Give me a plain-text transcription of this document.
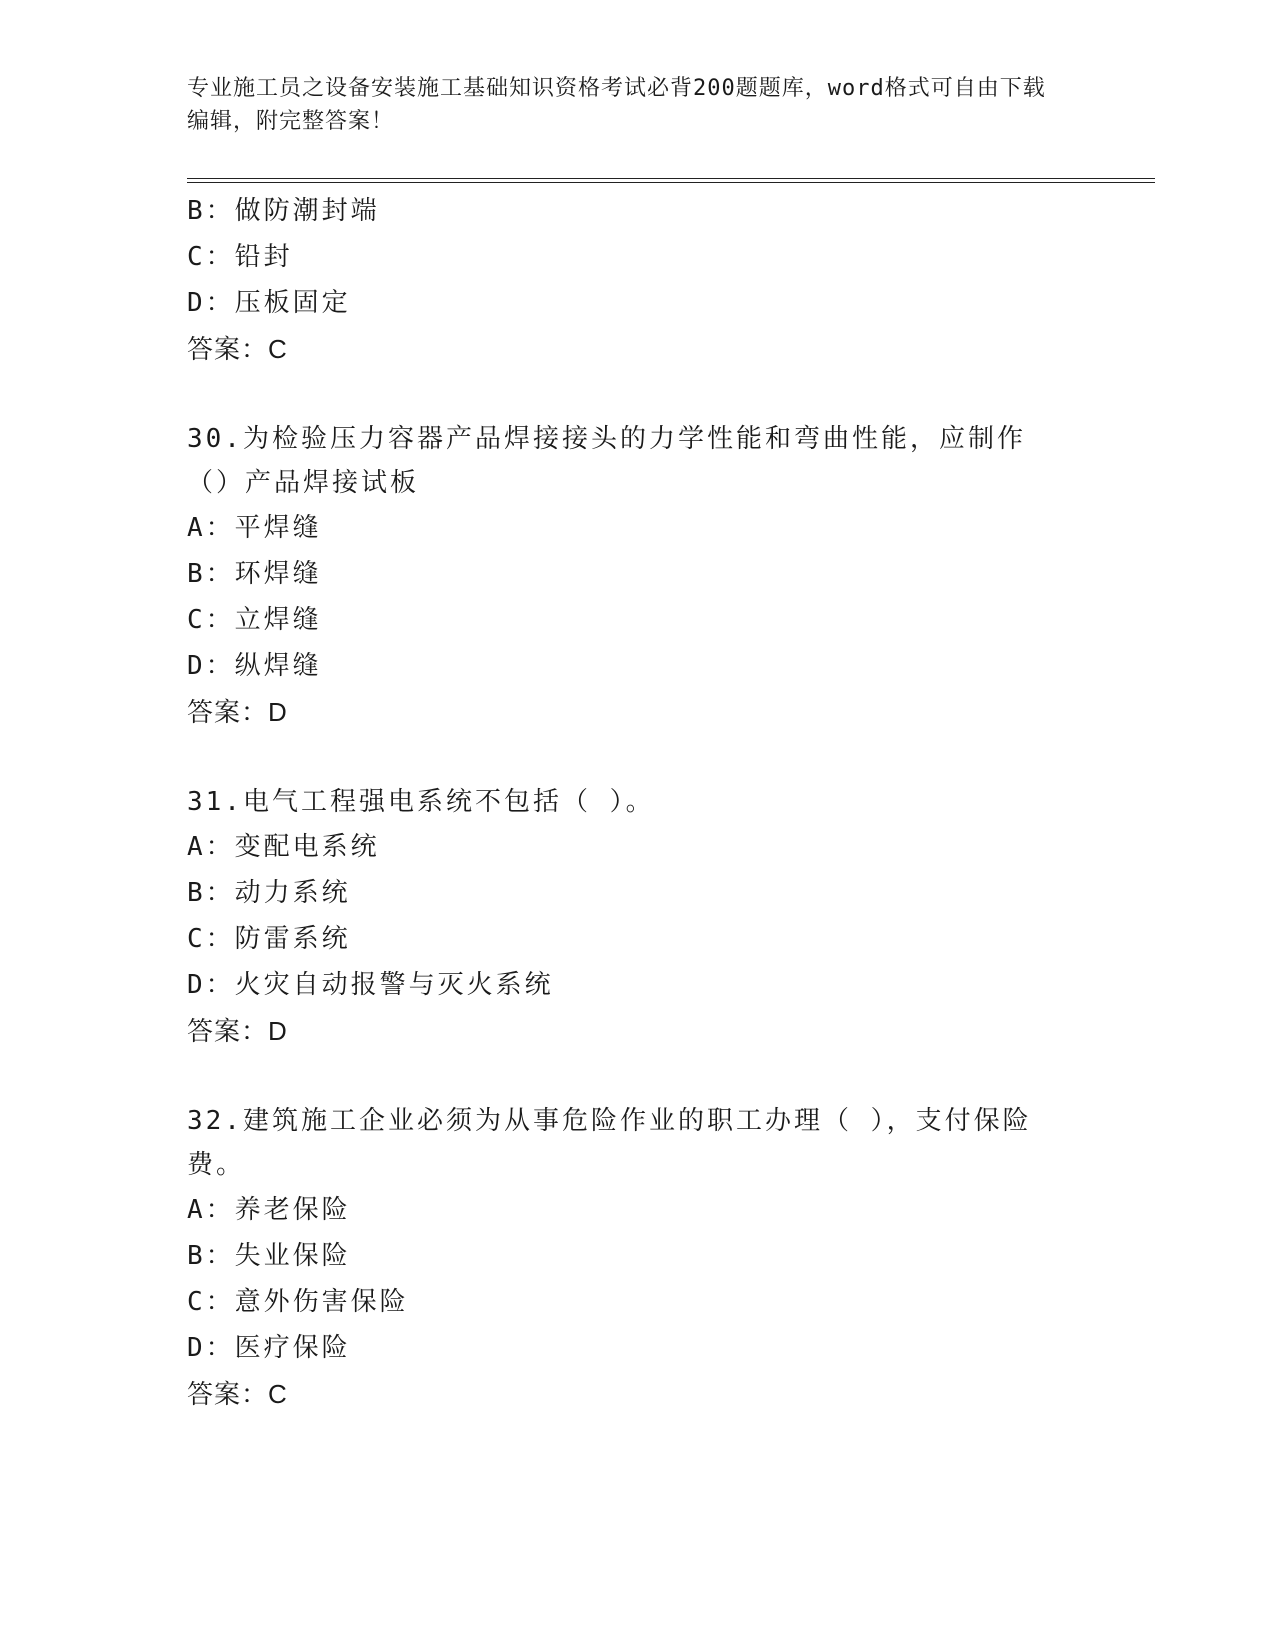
专业施工员之设备安装施工基础知识资格考试必背200题题库，word格式可自由下载编辑，附完整答案！
B：做防潮封端
C：铅封
D：压板固定
答案：C
30.为检验压力容器产品焊接接头的力学性能和弯曲性能，应制作（）产品焊接试板
A：平焊缝
B：环焊缝
C：立焊缝
D：纵焊缝
答案：D
31.电气工程强电系统不包括（ ）。
A：变配电系统
B：动力系统
C：防雷系统
D：火灾自动报警与灭火系统
答案：D
32.建筑施工企业必须为从事危险作业的职工办理（ ），支付保险费。
A：养老保险
B：失业保险
C：意外伤害保险
D：医疗保险
答案：C
